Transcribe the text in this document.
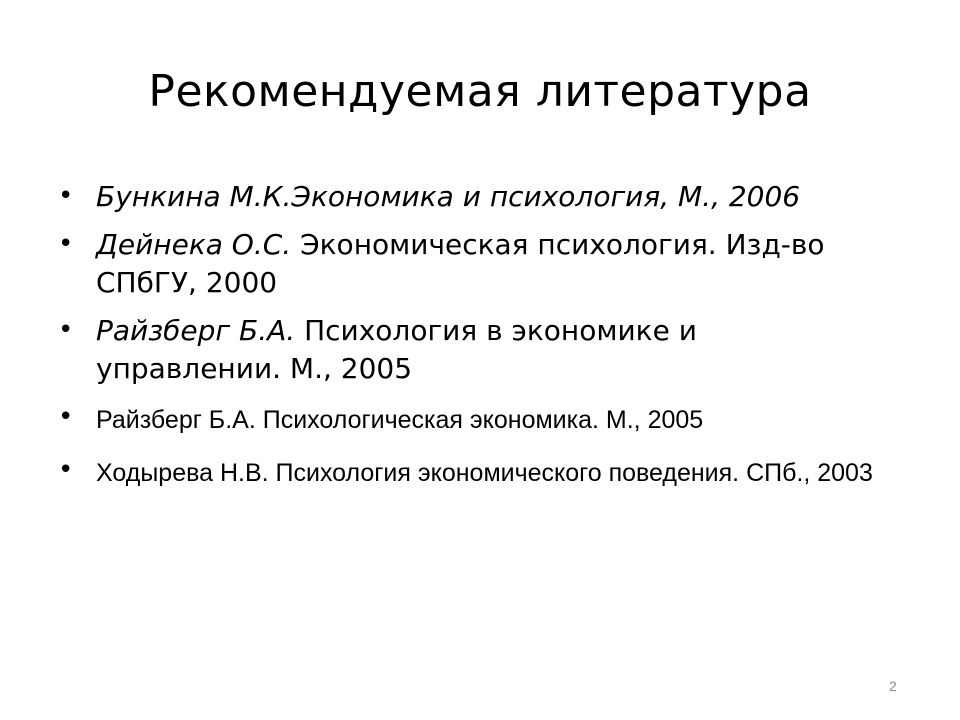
Рекомендуемая литература
• Бункина М.К.Экономика и психология, М., 2006
• Дейнека О.С. Экономическая психология. Изд-во СПбГУ, 2000
• Райзберг Б.А. Психология в экономике и управлении. М., 2005
• Райзберг Б.А. Психологическая экономика. М., 2005
• Ходырева Н.В. Психология экономического поведения. СПб., 2003
2
